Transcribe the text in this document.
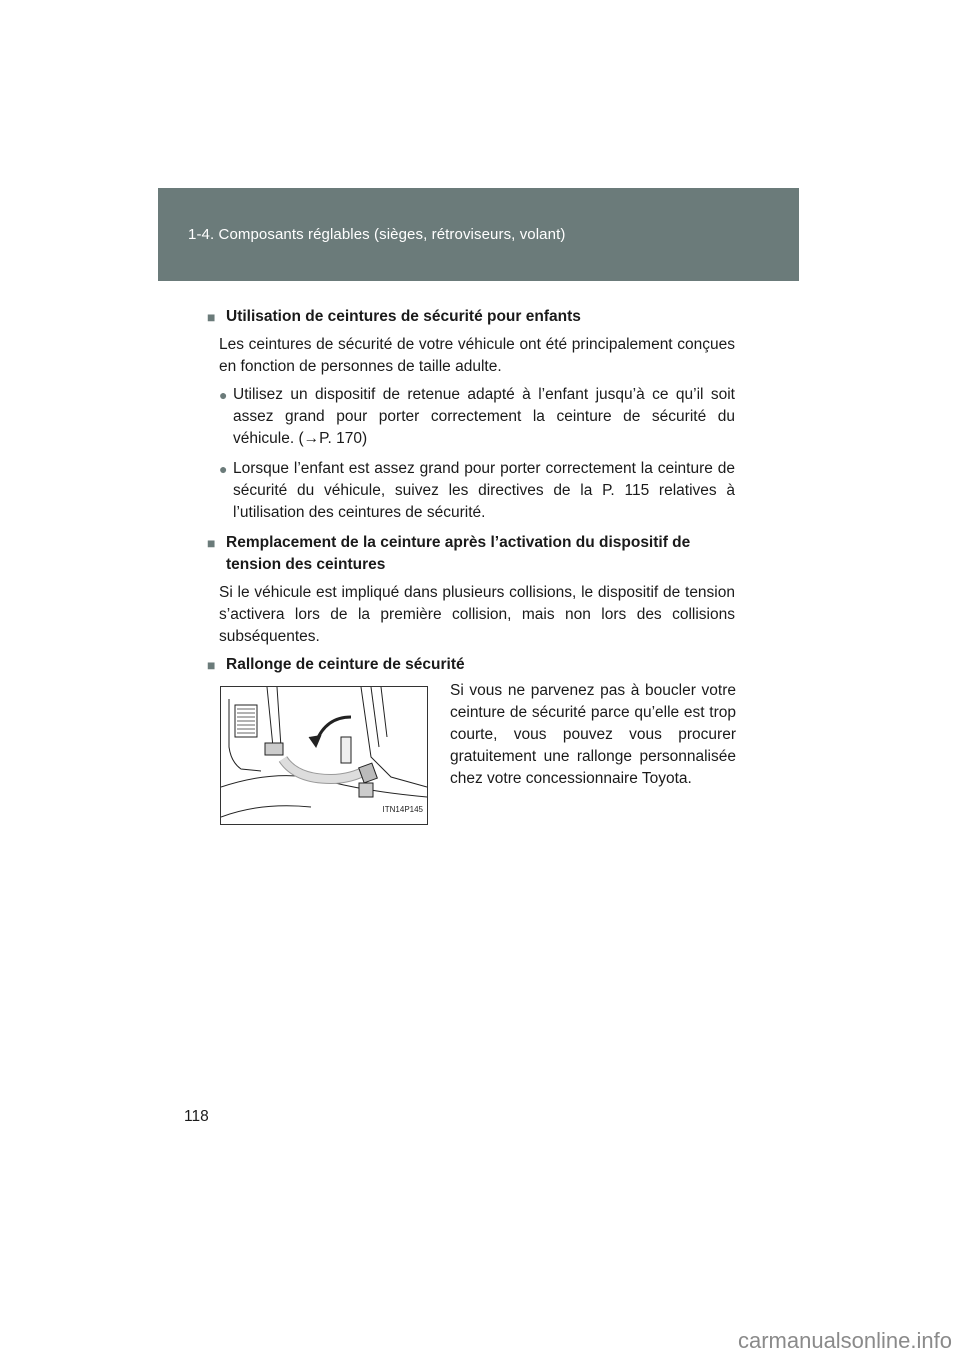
1-4. Composants réglables (sièges, rétroviseurs, volant)
■ Utilisation de ceintures de sécurité pour enfants

Les ceintures de sécurité de votre véhicule ont été principalement conçues en fonction de personnes de taille adulte.

● Utilisez un dispositif de retenue adapté à l’enfant jusqu’à ce qu’il soit assez grand pour porter correctement la ceinture de sécurité du véhicule. (→P. 170)
● Lorsque l’enfant est assez grand pour porter correctement la ceinture de sécurité du véhicule, suivez les directives de la P. 115 relatives à l’utilisation des ceintures de sécurité.
■ Remplacement de la ceinture après l’activation du dispositif de tension des ceintures

Si le véhicule est impliqué dans plusieurs collisions, le dispositif de tension s’activera lors de la première collision, mais non lors des collisions subséquentes.

■ Rallonge de ceinture de sécurité
ITN14P145
Si vous ne parvenez pas à boucler votre ceinture de sécurité parce qu’elle est trop courte, vous pouvez vous procurer gratuitement une rallonge personnalisée chez votre concessionnaire Toyota.
118
carmanualsonline.info
